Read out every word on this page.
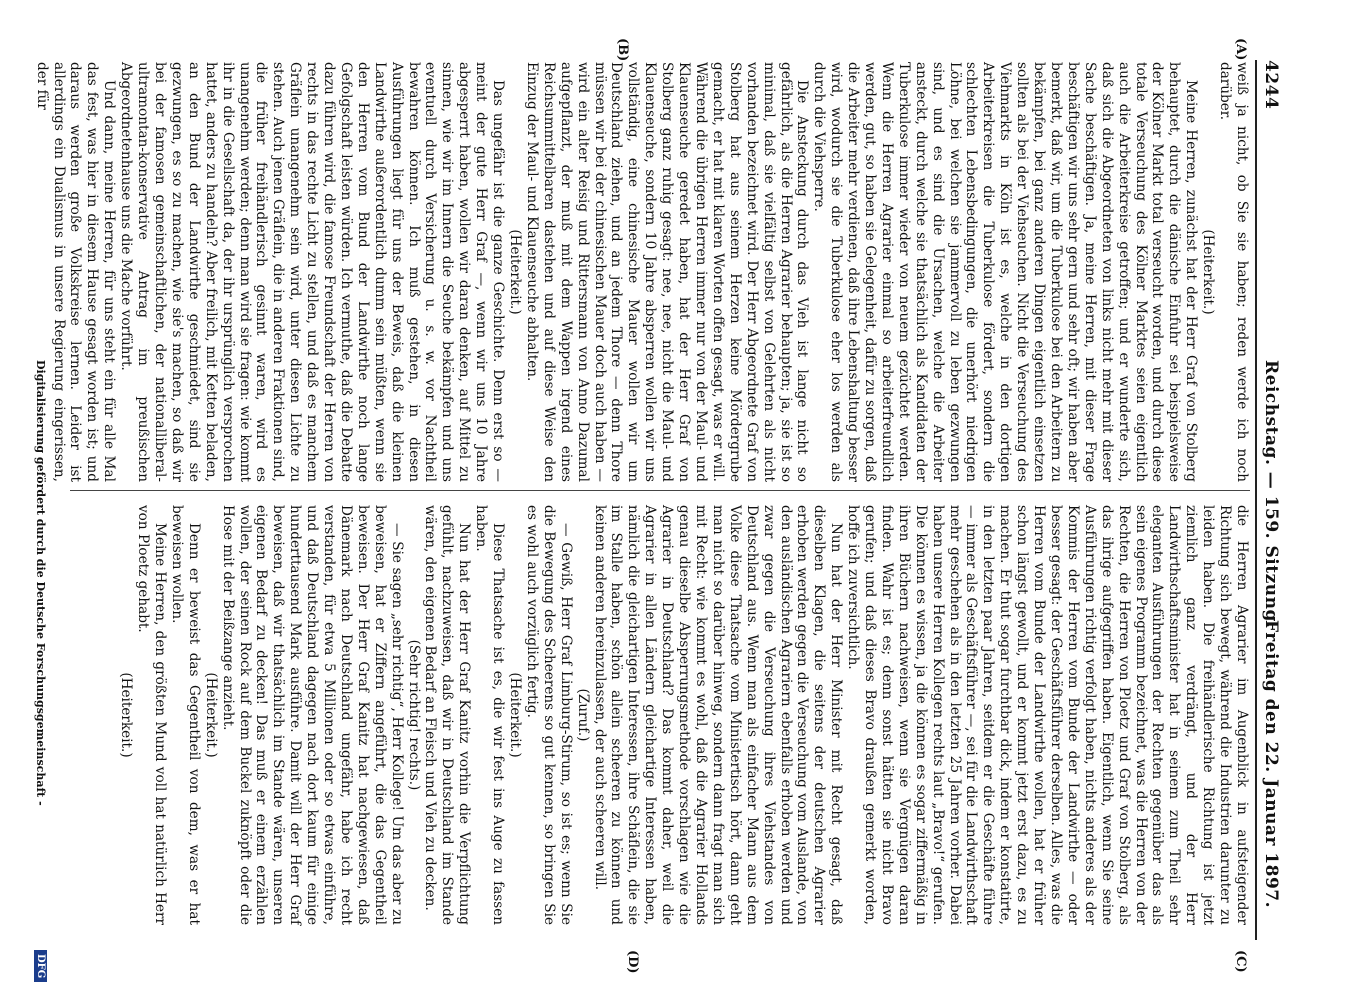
4244
Reichstag. — 159. Sitzung.
Freitag den 22. Januar 1897.
(A)
(B)
(C)
(D)

weiß ja nicht, ob Sie sie haben; reden werde ich noch darüber.

(Heiterkeit.)

Meine Herren, zunächst hat der Herr Graf von Stolberg behauptet, durch die dänische Einfuhr sei beispielsweise der Kölner Markt total verseucht worden, und durch diese totale Verseuchung des Kölner Marktes seien eigentlich auch die Arbeiterkreise getroffen; und er wunderte sich, daß sich die Abgeordneten von links nicht mehr mit dieser Sache beschäftigen. Ja, meine Herren, mit dieser Frage beschäftigen wir uns sehr gern und sehr oft; wir haben aber bemerkt, daß wir, um die Tuberkulose bei den Arbeitern zu bekämpfen, bei ganz anderen Dingen eigentlich einsetzen sollten als bei der Viehseuchen. Nicht die Verseuchung des Viehmarkts in Köln ist es, welche in den dortigen Arbeiterkreisen die Tuberkulose fördert, sondern die schlechten Lebensbedingungen, die unerhört niedrigen Löhne, bei welchen sie jammervoll zu leben gezwungen sind, und es sind die Ursachen, welche die Arbeiter ansteckt, durch welche sie thatsächlich als Kandidaten der Tuberkulose immer wieder von neuem gezüchtet werden. Wenn die Herren Agrarier einmal so arbeiterfreundlich werden, gut, so haben sie Gelegenheit, dafür zu sorgen, daß die Arbeiter mehr verdienen, daß ihre Lebenshaltung besser wird, wodurch sie die Tuberkulose eher los werden als durch die Viehsperre.

Die Ansteckung durch das Vieh ist lange nicht so gefährlich, als die Herren Agrarier behaupten; ja, sie ist so minimal, daß sie vielfältig selbst von Gelehrten als nicht vorhanden bezeichnet wird. Der Herr Abgeordnete Graf von Stolberg hat aus seinem Herzen keine Mördergrube gemacht, er hat mit klaren Worten offen gesagt, was er will. Während die übrigen Herren immer nur von der Maul- und Klauenseuche geredet haben, hat der Herr Graf von Stolberg ganz ruhig gesagt: nee, nee, nicht die Maul- und Klauenseuche, sondern 10 Jahre absperren wollen wir uns vollständig, eine chinesische Mauer wollen wir um Deutschland ziehen, und an jedem Thore — denn Thore müssen wir bei der chinesischen Mauer doch auch haben — wird ein alter Reisig und Rittersmann von Anno Dazumal aufgepflanzt, der muß mit dem Wappen irgend eines Reichsummittelbaren dastehen und auf diese Weise den Einzug der Maul- und Klauenseuche abhalten.

(Heiterkeit.)

Das ungefähr ist die ganze Geschichte. Denn erst so — meint der gute Herr Graf —, wenn wir uns 10 Jahre abgesperrt haben, wollen wir daran denken, auf Mittel zu sinnen, wie wir im Innern die Seuche bekämpfen und uns eventuell durch Versicherung u. s. w. vor Nachtheil bewahren können. Ich muß gestehen, in diesen Ausführungen liegt für uns der Beweis, daß die kleinen Landwirthe außerordentlich dumm sein müßten, wenn sie den Herren vom Bund der Landwirthe noch lange Gefolgschaft leisten würden. Ich vermuthe, daß die Debatte dazu führen wird, die famose Freundschaft der Herren von rechts in das rechte Licht zu stellen, und daß es manchem Gräflein unangenehm sein wird, unter diesen Lichte zu stehen. Auch jenen Gräflein, die in anderen Fraktionen sind, die früher freihändlerisch gesinnt waren, wird es unangenehm werden; denn man wird sie fragen: wie kommt ihr in die Gesellschaft da, der ihr ursprünglich versprochen hattet, anders zu handeln? Aber freilich, mit Ketten beladen, an den Bund der Landwirthe geschmiedet, sind sie gezwungen, es so zu machen, wie sie's machen, so daß wir bei der famosen gemeinschaftlichen, der nationalliberal-ultramontan-konservative Antrag im preußischen Abgeordnetenhause uns die Mache vorführt.

Und dann, meine Herren, für uns steht ein für alle Mal das fest, was hier in diesem Hause gesagt worden ist; und daraus werden große Volkskreise lernen. Leider ist allerdings ein Dualismus in unsere Regierung eingerissen, der für

die Herren Agrarier im Augenblick in aufsteigender Richtung sich bewegt, während die Industrien darunter zu leiden haben. Die freihändlerische Richtung ist jetzt ziemlich ganz verdrängt, und der Herr Landwirthschaftsminister hat in seinem zum Theil sehr eleganten Ausführungen der Rechten gegenüber das als sein eigenes Programm bezeichnet, was die Herren von der Rechten, die Herren von Ploetz und Graf von Stolberg, als das ihrige aufgegriffen haben. Eigentlich, wenn Sie seine Ausführungen richtig verfolgt haben, nichts anderes als der Kommis der Herren vom Bunde der Landwirthe — oder besser gesagt: der Geschäftsführer derselben. Alles, was die Herren vom Bunde der Landwirthe wollen, hat er früher schon längst gewollt, und er kommt jetzt erst dazu, es zu machen. Er thut sogar furchtbar dick, indem er konstatirte, in den letzten paar Jahren, seitdem er die Geschäfte führe — immer als Geschäftsführer —, sei für die Landwirthschaft mehr geschehen als in den letzten 25 Jahren vorher. Dabei haben unsere Herren Kollegen rechts laut „Bravo!“ gerufen. Die können es wissen, ja die können es sogar ziffermäßig in ihren Büchern nachweisen, wenn sie Vergnügen daran finden. Wahr ist es; denn sonst hätten sie nicht Bravo gerufen; und daß dieses Bravo draußen gemerkt worden, hoffe ich zuversichtlich.

Nun hat der Herr Minister mit Recht gesagt, daß dieselben Klagen, die seitens der deutschen Agrarier erhoben werden gegen die Verseuchung vom Auslande, von den ausländischen Agrariern ebenfalls erhoben werden und zwar gegen die Verseuchung ihres Viehstandes von Deutschland aus. Wenn man als einfacher Mann aus dem Volke diese Thatsache vom Ministertisch hört, dann geht man nicht so darüber hinweg, sondern dann fragt man sich mit Recht: wie kommt es wohl, daß die Agrarier Hollands genau dieselbe Absperrungsmethode vorschlagen wie die Agrarier in Deutschland? Das kommt daher, weil die Agrarier in allen Ländern gleichartige Interessen haben, nämlich die gleichartigen Interessen, ihre Schäflein, die sie im Stalle haben, schön allein scheeren zu können und keinen anderen hereinzulassen, der auch scheeren will.

(Zuruf.)

— Gewiß, Herr Graf Limburg-Stirum, so ist es; wenn Sie die Bewegung des Scheerens so gut kennen, so bringen Sie es wohl auch vorzüglich fertig.

(Heiterkeit.)

Diese Thatsache ist es, die wir fest ins Auge zu fassen haben.

Nun hat der Herr Graf Kanitz vorhin die Verpflichtung gefühlt, nachzuweisen, daß wir in Deutschland im Stande wären, den eigenen Bedarf an Fleisch und Vieh zu decken.

(Sehr richtig! rechts.)

— Sie sagen „sehr richtig“, Herr Kollege! Um das aber zu beweisen, hat er Ziffern angeführt, die das Gegentheil beweisen. Der Herr Graf Kanitz hat nachgewiesen, daß Dänemark nach Deutschland ungefähr, habe ich recht verstanden, für etwa 5 Millionen oder so etwas einführe, und daß Deutschland dagegen nach dort kaum für einige hunderttausend Mark ausführe. Damit will der Herr Graf beweisen, daß wir thatsächlich im Stande wären, unseren eigenen Bedarf zu decken! Das muß er einem erzählen wollen, der seinen Rock auf dem Buckel zuknöpft oder die Hose mit der Beißzange anzieht.

(Heiterkeit.)

Denn er beweist das Gegentheil von dem, was er hat beweisen wollen.

Meine Herren, den größten Mund voll hat natürlich Herr von Ploetz gehabt.

(Heiterkeit.)

Digitalisierung gefördert durch die Deutsche Forschungsgemeinschaft -
DFG
